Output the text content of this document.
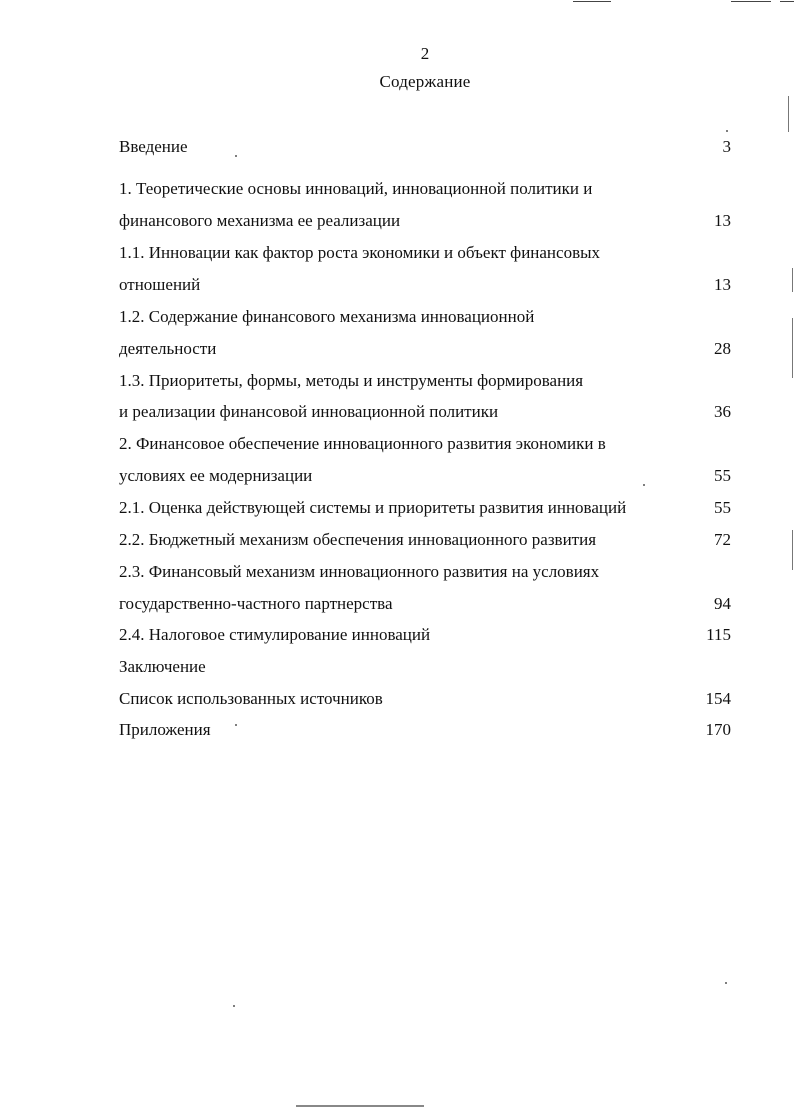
2
Содержание
Введение	3
1. Теоретические основы инноваций, инновационной политики и
финансового механизма ее реализации	13
1.1. Инновации как фактор роста экономики и объект финансовых
отношений	13
1.2. Содержание финансового механизма инновационной
деятельности	28
1.3. Приоритеты, формы, методы и инструменты формирования
и реализации финансовой инновационной политики	36
2. Финансовое обеспечение инновационного развития экономики в
условиях ее модернизации	55
2.1. Оценка действующей системы и приоритеты развития инноваций	55
2.2. Бюджетный механизм обеспечения инновационного развития	72
2.3. Финансовый механизм инновационного развития на условиях
государственно-частного партнерства	94
2.4. Налоговое стимулирование инноваций	115
Заключение
Список использованных источников	154
Приложения	170
